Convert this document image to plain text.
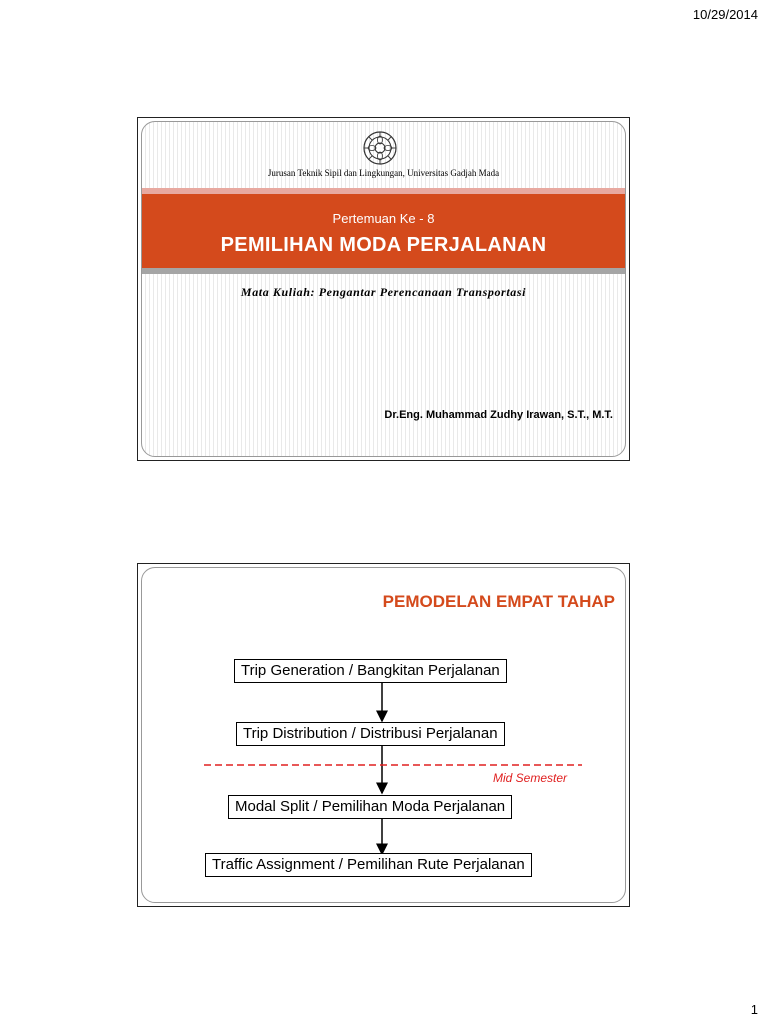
10/29/2014
Jurusan Teknik Sipil dan Lingkungan, Universitas Gadjah Mada
Pertemuan Ke - 8
PEMILIHAN MODA PERJALANAN
Mata Kuliah: Pengantar Perencanaan Transportasi
Dr.Eng. Muhammad Zudhy Irawan, S.T., M.T.
PEMODELAN EMPAT TAHAP
Trip Generation / Bangkitan Perjalanan
Trip Distribution / Distribusi Perjalanan
Modal Split / Pemilihan Moda Perjalanan
Traffic Assignment / Pemilihan Rute Perjalanan
Mid Semester
1
